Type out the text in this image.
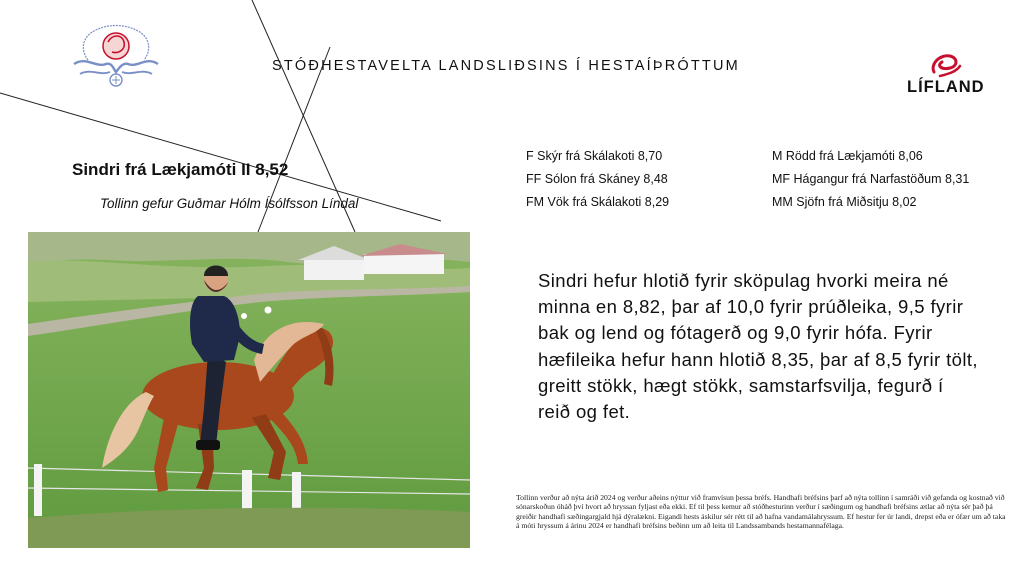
STÓÐHESTAVELTA LANDSLIÐSINS Í HESTAÍÞRÓTTUM
LÍFLAND
Sindri frá Lækjamóti II 8,52
Tollinn gefur Guðmar Hólm Ísólfsson Líndal
F Skýr frá Skálakoti 8,70
FF Sólon frá Skáney 8,48
FM Vök frá Skálakoti 8,29
M Rödd frá Lækjamóti 8,06
MF Hágangur frá Narfastöðum 8,31
MM Sjöfn frá Miðsitju 8,02
Sindri hefur hlotið fyrir sköpulag hvorki meira né minna en 8,82, þar af 10,0 fyrir prúðleika, 9,5 fyrir bak og lend og fótagerð og 9,0 fyrir hófa. Fyrir hæfileika hefur hann hlotið 8,35, þar af 8,5 fyrir tölt, greitt stökk, hægt stökk, samstarfsvilja, fegurð í reið og fet.
Tollinn verður að nýta árið 2024 og verður aðeins nýttur við framvísun þessa bréfs. Handhafi bréfsins þarf að nýta tollinn í samráði við gefanda og kostnað við sónarskoðun óháð því hvort að hryssan fyljast eða ekki. Ef til þess kemur að stóðhesturinn verður í sæðingum og handhafi bréfsins ætlar að nýta sér það þá greiðir handhafi sæðingargjald hjá dýralækni. Eigandi hests áskilur sér rétt til að hafna vandamálahryssum. Ef hestur fer úr landi, drepst eða er ófær um að taka á móti hryssum á árinu 2024 er handhafi bréfsins beðinn um að leita til Landssambands hestamannafélaga.
